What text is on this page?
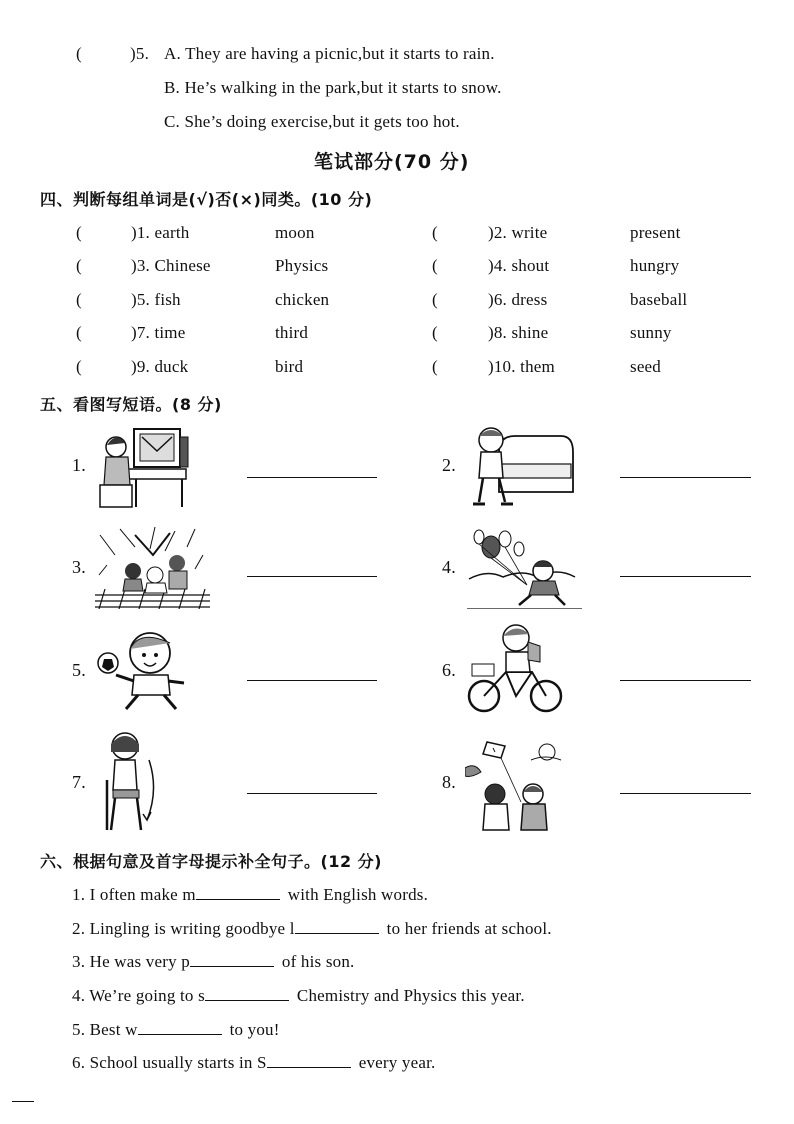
(	)5. A. They are having a picnic,but it starts to rain.
B. He’s walking in the park,but it starts to snow.
C. She’s doing exercise,but it gets too hot.
笔试部分(70 分)
四、判断每组单词是(√)否(×)同类。(10 分)
(	)1. earth	moon	(	)2. write	present
(	)3. Chinese	Physics	(	)4. shout	hungry
(	)5. fish	chicken	(	)6. dress	baseball
(	)7. time	third	(	)8. shine	sunny
(	)9. duck	bird	(	)10. them	seed
五、看图写短语。(8 分)
1.	2.
3.	4.
5.	6.
7.	8.
六、根据句意及首字母提示补全句子。(12 分)
1. I often make m	with English words.
2. Lingling is writing goodbye l	to her friends at school.
3. He was very p	of his son.
4. We’re going to s	Chemistry and Physics this year.
5. Best w	to you!
6. School usually starts in S	every year.
